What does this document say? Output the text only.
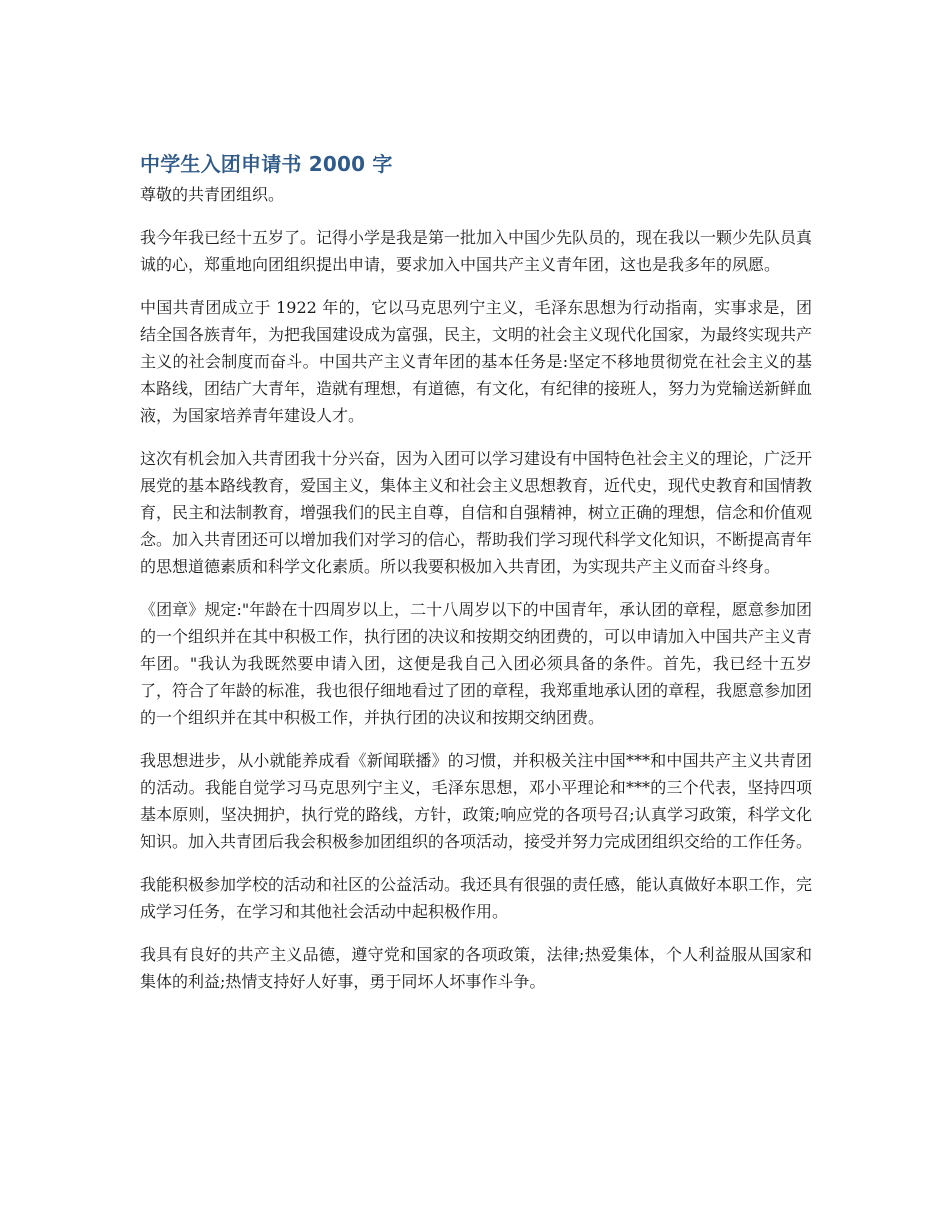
中学生入团申请书 2000 字

尊敬的共青团组织。

我今年我已经十五岁了。记得小学是我是第一批加入中国少先队员的，现在我以一颗少先队员真诚的心，郑重地向团组织提出申请，要求加入中国共产主义青年团，这也是我多年的夙愿。

中国共青团成立于 1922 年的，它以马克思列宁主义，毛泽东思想为行动指南，实事求是，团结全国各族青年，为把我国建设成为富强，民主，文明的社会主义现代化国家，为最终实现共产主义的社会制度而奋斗。中国共产主义青年团的基本任务是:坚定不移地贯彻党在社会主义的基本路线，团结广大青年，造就有理想，有道德，有文化，有纪律的接班人，努力为党输送新鲜血液，为国家培养青年建设人才。

这次有机会加入共青团我十分兴奋，因为入团可以学习建设有中国特色社会主义的理论，广泛开展党的基本路线教育，爱国主义，集体主义和社会主义思想教育，近代史，现代史教育和国情教育，民主和法制教育，增强我们的民主自尊，自信和自强精神，树立正确的理想，信念和价值观念。加入共青团还可以增加我们对学习的信心，帮助我们学习现代科学文化知识，不断提高青年的思想道德素质和科学文化素质。所以我要积极加入共青团，为实现共产主义而奋斗终身。

《团章》规定:"年龄在十四周岁以上，二十八周岁以下的中国青年，承认团的章程，愿意参加团的一个组织并在其中积极工作，执行团的决议和按期交纳团费的，可以申请加入中国共产主义青年团。"我认为我既然要申请入团，这便是我自己入团必须具备的条件。首先，我已经十五岁了，符合了年龄的标准，我也很仔细地看过了团的章程，我郑重地承认团的章程，我愿意参加团的一个组织并在其中积极工作，并执行团的决议和按期交纳团费。

我思想进步，从小就能养成看《新闻联播》的习惯，并积极关注中国***和中国共产主义共青团的活动。我能自觉学习马克思列宁主义，毛泽东思想，邓小平理论和***的三个代表，坚持四项基本原则，坚决拥护，执行党的路线，方针，政策;响应党的各项号召;认真学习政策，科学文化知识。加入共青团后我会积极参加团组织的各项活动，接受并努力完成团组织交给的工作任务。

我能积极参加学校的活动和社区的公益活动。我还具有很强的责任感，能认真做好本职工作，完成学习任务，在学习和其他社会活动中起积极作用。

我具有良好的共产主义品德，遵守党和国家的各项政策，法律;热爱集体，个人利益服从国家和集体的利益;热情支持好人好事，勇于同坏人坏事作斗争。
